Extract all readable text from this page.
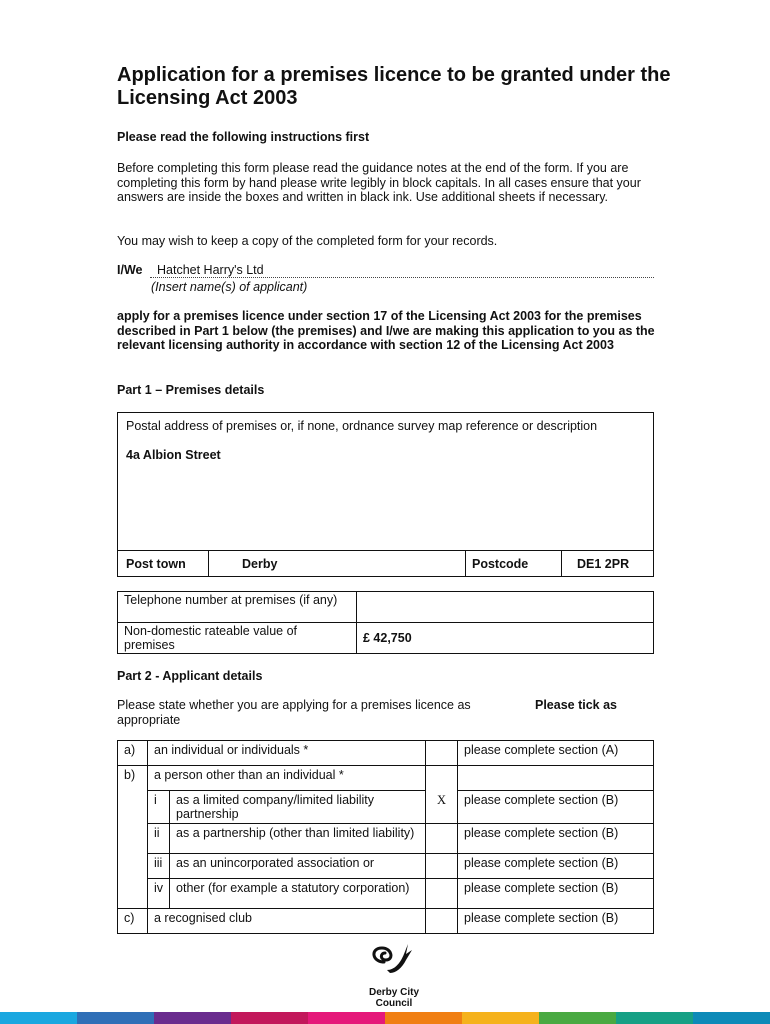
Application for a premises licence to be granted under the Licensing Act 2003
Please read the following instructions first
Before completing this form please read the guidance notes at the end of the form. If you are completing this form by hand please write legibly in block capitals. In all cases ensure that your answers are inside the boxes and written in black ink. Use additional sheets if necessary.
You may wish to keep a copy of the completed form for your records.
I/We Hatchet Harry's Ltd
(Insert name(s) of applicant)
apply for a premises licence under section 17 of the Licensing Act 2003 for the premises described in Part 1 below (the premises) and I/we are making this application to you as the relevant licensing authority in accordance with section 12 of the Licensing Act 2003
Part 1 – Premises details
Postal address of premises or, if none, ordnance survey map reference or description
4a Albion Street
Post town	Derby	Postcode	DE1 2PR
Telephone number at premises (if any)	
Non-domestic rateable value of premises	£ 42,750
Part 2 - Applicant details
Please state whether you are applying for a premises licence as appropriate
Please tick as
a)	an individual or individuals *			please complete section (A)
b)	a person other than an individual *			
	i	as a limited company/limited liability partnership	X	please complete section (B)
	ii	as a partnership (other than limited liability)		please complete section (B)
	iii	as an unincorporated association or		please complete section (B)
	iv	other (for example a statutory corporation)		please complete section (B)
c)	a recognised club			please complete section (B)
Derby City Council
